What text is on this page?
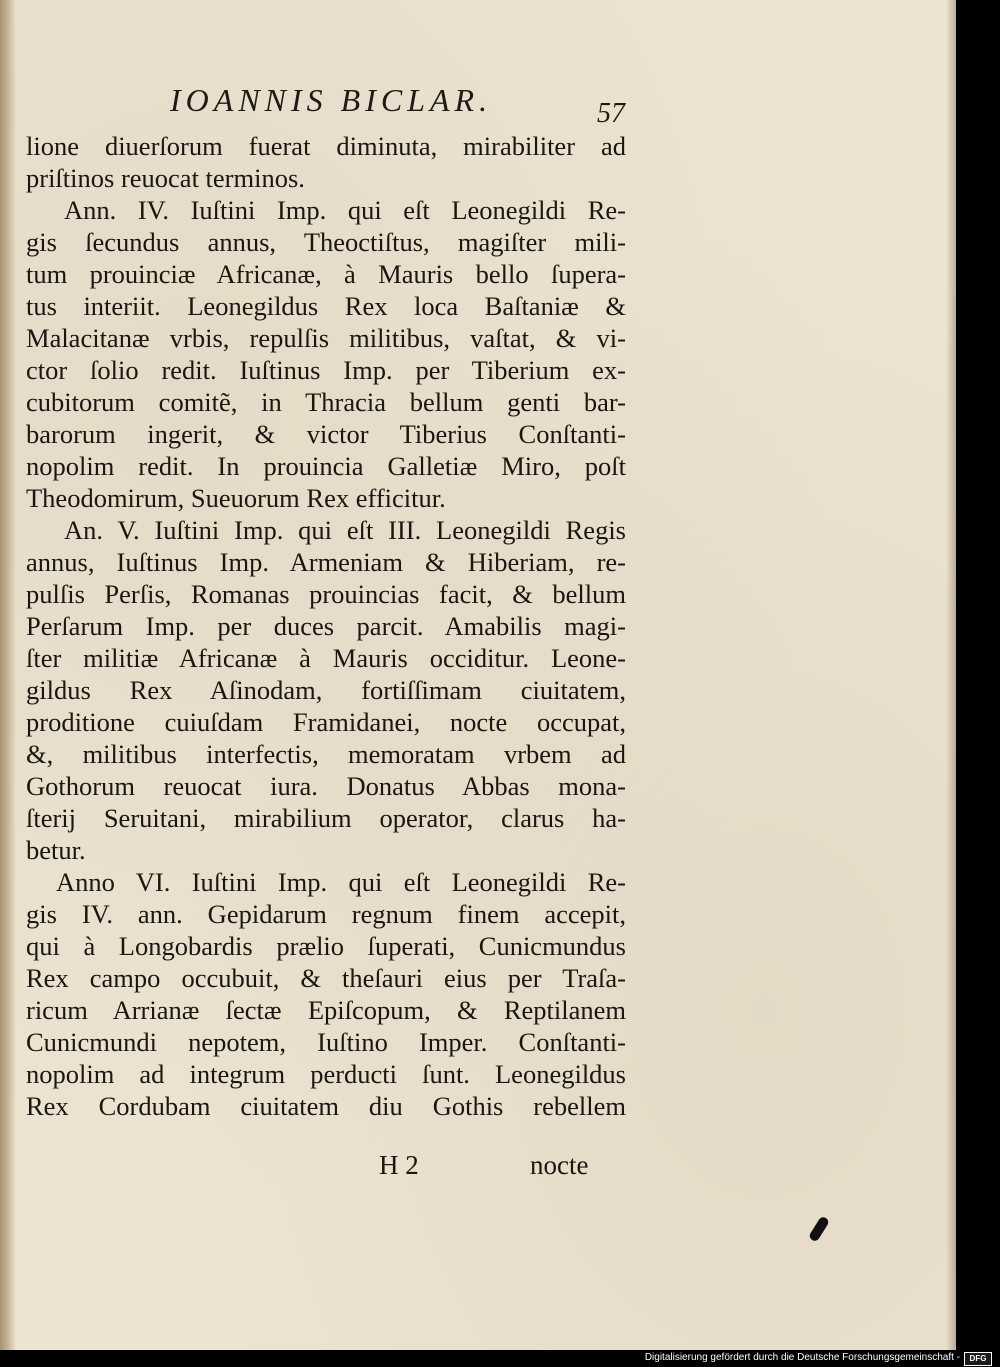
IOANNIS BICLAR.	57
lione diuerſorum fuerat diminuta, mirabiliter ad
priſtinos reuocat terminos.
Ann. IV. Iuſtini Imp. qui eſt Leonegildi Re-
gis ſecundus annus, Theoctiſtus, magiſter mili-
tum prouinciæ Africanæ, à Mauris bello ſupera-
tus interiit. Leonegildus Rex loca Baſtaniæ &
Malacitanæ vrbis, repulſis militibus, vaſtat, & vi-
ctor ſolio redit. Iuſtinus Imp. per Tiberium ex-
cubitorum comitẽ, in Thracia bellum genti bar-
barorum ingerit, & victor Tiberius Conſtanti-
nopolim redit. In prouincia Galletiæ Miro, poſt
Theodomirum, Sueuorum Rex efficitur.
An. V. Iuſtini Imp. qui eſt III. Leonegildi Regis
annus, Iuſtinus Imp. Armeniam & Hiberiam, re-
pulſis Perſis, Romanas prouincias facit, & bellum
Perſarum Imp. per duces parcit. Amabilis magi-
ſter militiæ Africanæ à Mauris occiditur. Leone-
gildus Rex Aſinodam, fortiſſimam ciuitatem,
proditione cuiuſdam Framidanei, nocte occupat,
&, militibus interfectis, memoratam vrbem ad
Gothorum reuocat iura. Donatus Abbas mona-
ſterij Seruitani, mirabilium operator, clarus ha-
betur.
Anno VI. Iuſtini Imp. qui eſt Leonegildi Re-
gis IV. ann. Gepidarum regnum finem accepit,
qui à Longobardis prælio ſuperati, Cunicmundus
Rex campo occubuit, & theſauri eius per Traſa-
ricum Arrianæ ſectæ Epiſcopum, & Reptilanem
Cunicmundi nepotem, Iuſtino Imper. Conſtanti-
nopolim ad integrum perducti ſunt. Leonegildus
Rex Cordubam ciuitatem diu Gothis rebellem
H 2	nocte
Digitalisierung gefördert durch die Deutsche Forschungsgemeinschaft -	DFG
